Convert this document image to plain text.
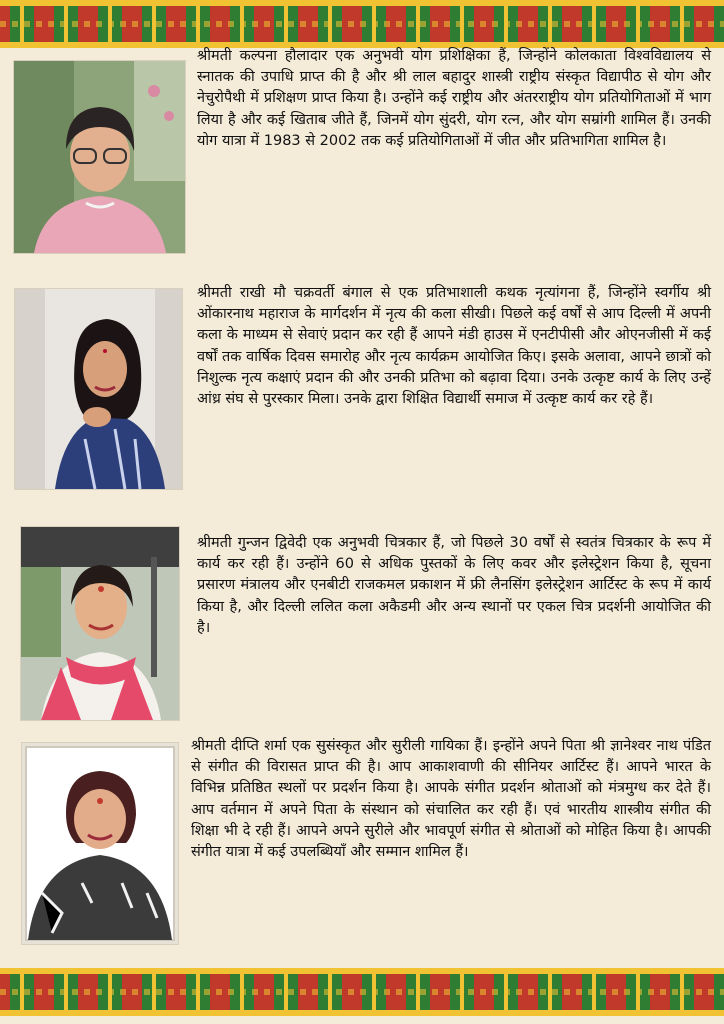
श्रीमती कल्पना हौलादार एक अनुभवी योग प्रशिक्षिका हैं, जिन्होंने कोलकाता विश्वविद्यालय से स्नातक की उपाधि प्राप्त की है और श्री लाल बहादुर शास्त्री राष्ट्रीय संस्कृत विद्यापीठ से योग और नेचुरोपैथी में प्रशिक्षण प्राप्त किया है। उन्होंने कई राष्ट्रीय और अंतरराष्ट्रीय योग प्रतियोगिताओं में भाग लिया है और कई खिताब जीते हैं, जिनमें योग सुंदरी, योग रत्न, और योग सम्रांगी शामिल हैं। उनकी योग यात्रा में 1983 से 2002 तक कई प्रतियोगिताओं में जीत और प्रतिभागिता शामिल है।

श्रीमती राखी मौ चक्रवर्ती बंगाल से एक प्रतिभाशाली कथक नृत्यांगना हैं, जिन्होंने स्वर्गीय श्री ओंकारनाथ महाराज के मार्गदर्शन में नृत्य की कला सीखी। पिछले कई वर्षों से आप दिल्ली में अपनी कला के माध्यम से सेवाएं प्रदान कर रही हैं आपने मंडी हाउस में एनटीपीसी और ओएनजीसी में कई वर्षों तक वार्षिक दिवस समारोह और नृत्य कार्यक्रम आयोजित किए। इसके अलावा, आपने छात्रों को निशुल्क नृत्य कक्षाएं प्रदान की और उनकी प्रतिभा को बढ़ावा दिया। उनके उत्कृष्ट कार्य के लिए उन्हें आंध्र संघ से पुरस्कार मिला। उनके द्वारा शिक्षित विद्यार्थी समाज में उत्कृष्ट कार्य कर रहे हैं।

श्रीमती गुन्जन द्विवेदी एक अनुभवी चित्रकार हैं, जो पिछले 30 वर्षों से स्वतंत्र चित्रकार के रूप में कार्य कर रही हैं। उन्होंने 60 से अधिक पुस्तकों के लिए कवर और इलेस्ट्रेशन किया है, सूचना प्रसारण मंत्रालय और एनबीटी राजकमल प्रकाशन में फ्री लैनसिंग इलेस्ट्रेशन आर्टिस्ट के रूप में कार्य किया है, और दिल्ली ललित कला अकैडमी और अन्य स्थानों पर एकल चित्र प्रदर्शनी आयोजित की है।

श्रीमती दीप्ति शर्मा एक सुसंस्कृत और सुरीली गायिका हैं। इन्होंने अपने पिता श्री ज्ञानेश्वर नाथ पंडित से संगीत की विरासत प्राप्त की है। आप आकाशवाणी की सीनियर आर्टिस्ट हैं। आपने भारत के विभिन्न प्रतिष्ठित स्थलों पर प्रदर्शन किया है। आपके संगीत प्रदर्शन श्रोताओं को मंत्रमुग्ध कर देते हैं। आप वर्तमान में अपने पिता के संस्थान को संचालित कर रही हैं। एवं भारतीय शास्त्रीय संगीत की शिक्षा भी दे रही हैं। आपने अपने सुरीले और भावपूर्ण संगीत से श्रोताओं को मोहित किया है। आपकी संगीत यात्रा में कई उपलब्धियाँ और सम्मान शामिल हैं।
